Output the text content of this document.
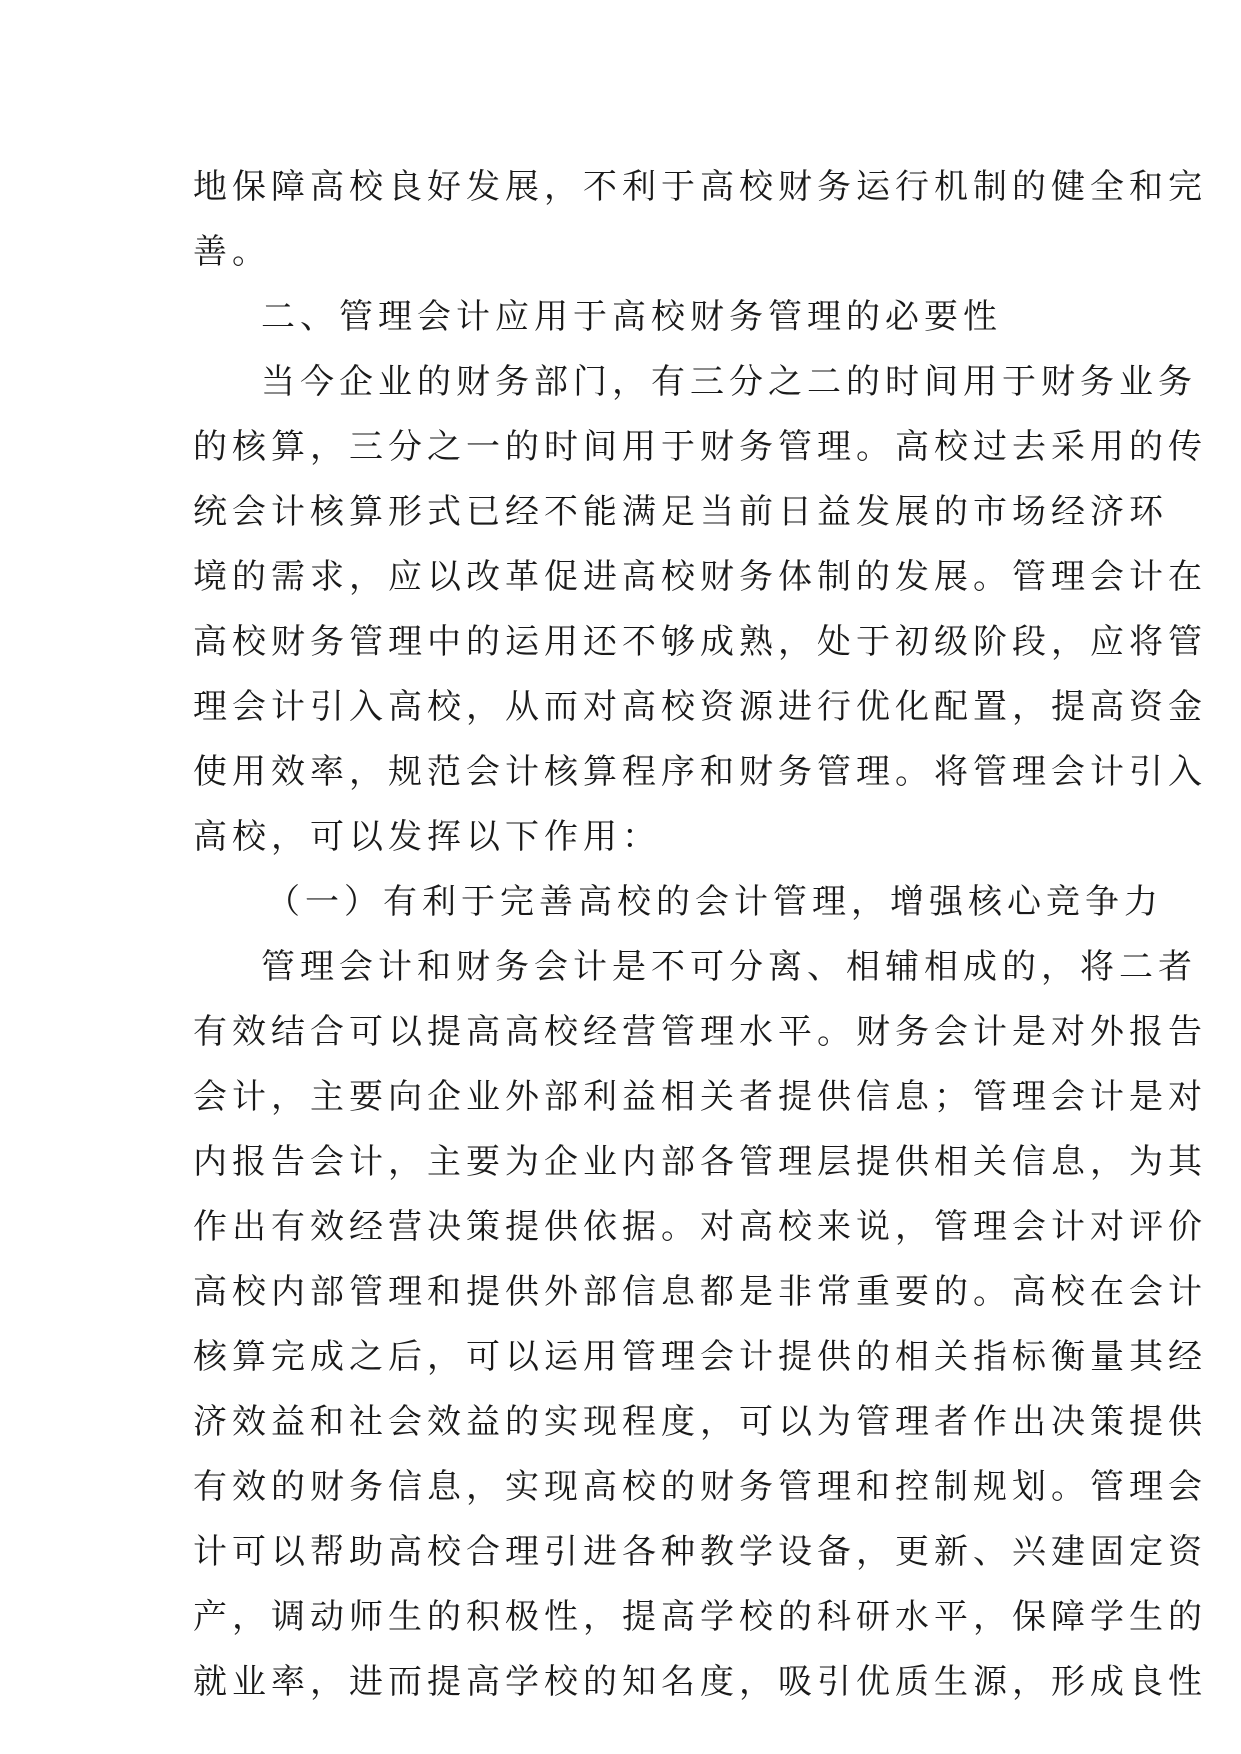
地保障高校良好发展，不利于高校财务运行机制的健全和完
善。
二、管理会计应用于高校财务管理的必要性
当今企业的财务部门，有三分之二的时间用于财务业务
的核算，三分之一的时间用于财务管理。高校过去采用的传
统会计核算形式已经不能满足当前日益发展的市场经济环
境的需求，应以改革促进高校财务体制的发展。管理会计在
高校财务管理中的运用还不够成熟，处于初级阶段，应将管
理会计引入高校，从而对高校资源进行优化配置，提高资金
使用效率，规范会计核算程序和财务管理。将管理会计引入
高校，可以发挥以下作用：
（一）有利于完善高校的会计管理，增强核心竞争力
管理会计和财务会计是不可分离、相辅相成的，将二者
有效结合可以提高高校经营管理水平。财务会计是对外报告
会计，主要向企业外部利益相关者提供信息；管理会计是对
内报告会计，主要为企业内部各管理层提供相关信息，为其
作出有效经营决策提供依据。对高校来说，管理会计对评价
高校内部管理和提供外部信息都是非常重要的。高校在会计
核算完成之后，可以运用管理会计提供的相关指标衡量其经
济效益和社会效益的实现程度，可以为管理者作出决策提供
有效的财务信息，实现高校的财务管理和控制规划。管理会
计可以帮助高校合理引进各种教学设备，更新、兴建固定资
产，调动师生的积极性，提高学校的科研水平，保障学生的
就业率，进而提高学校的知名度，吸引优质生源，形成良性
